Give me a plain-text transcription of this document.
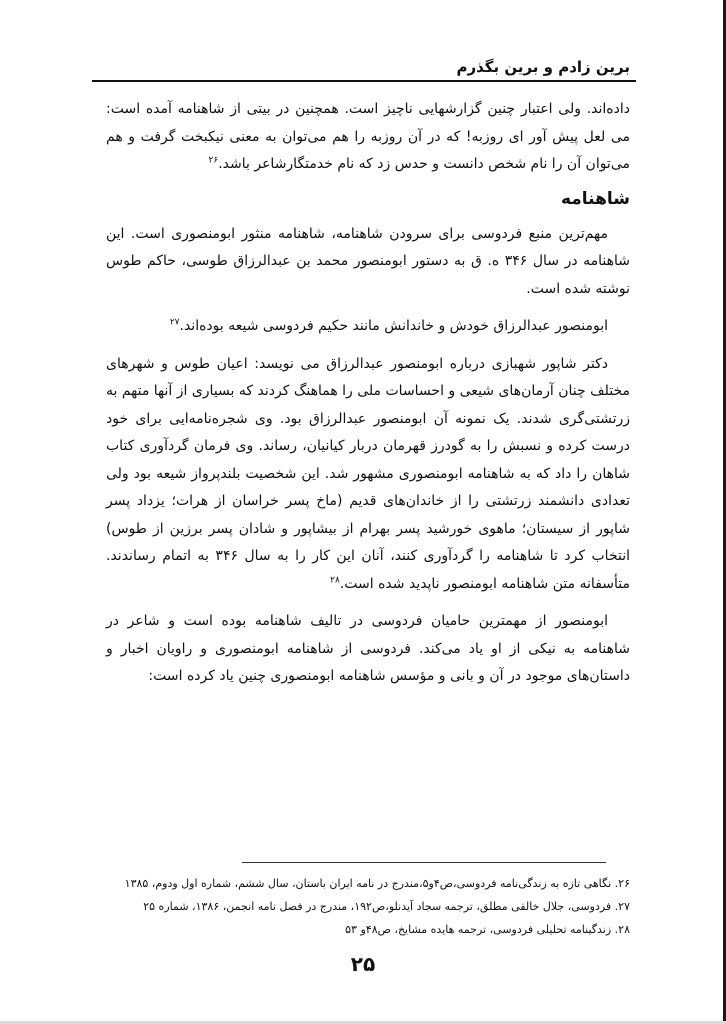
برین زادم و برین بگذرم

داده‌اند. ولی اعتبار چنین گزارشهایی ناچیز است. همچنین در بیتی از شاهنامه آمده است: می لعل پیش آور ای روزبه! که در آن روزبه را هم می‌توان به معنی نیکبخت گرفت و هم می‌توان آن را نام شخص دانست و حدس زد که نام خدمتگارشاعر باشد.$^{۲۶}$

شاهنامه

مهم‌ترین منبع فردوسی برای سرودن شاهنامه، شاهنامه منثور ابومنصوری است. این شاهنامه در سال ۳۴۶ ه. ق به دستور ابومنصور محمد بن عبدالرزاق طوسی، حاکم طوس نوشته شده است.

ابومنصور عبدالرزاق خودش و خاندانش مانند حکیم فردوسی شیعه بوده‌اند.$^{۲۷}$

دکتر شاپور شهبازی درباره ابومنصور عبدالرزاق می نویسد: اعیان طوس و شهرهای مختلف چنان آرمان‌های شیعی و احساسات ملی را هماهنگ کردند که بسیاری از آنها متهم به زرتشتی‌گری شدند. یک نمونه آن ابومنصور عبدالرزاق بود. وی شجره‌نامه‌ایی برای خود درست کرده و نسبش را به گودرز قهرمان دربار کیانیان، رساند. وی فرمان گردآوری کتاب شاهان را داد که به شاهنامه ابومنصوری مشهور شد. این شخصیت بلندپرواز شیعه بود ولی تعدادی دانشمند زرتشتی را از خاندان‌های قدیم (ماخ پسر خراسان از هرات؛ یزداد پسر شاپور از سیستان؛ ماهوی خورشید پسر بهرام از بیشاپور و شادان پسر برزین از طوس) انتخاب کرد تا شاهنامه را گردآوری کنند، آنان این کار را به سال ۳۴۶ به اتمام رساندند. متأسفانه متن شاهنامه ابومنصور ناپدید شده است.$^{۲۸}$

ابومنصور از مهمترین حامیان فردوسی در تالیف شاهنامه بوده است و شاعر در شاهنامه به نیکی از او یاد می‌کند. فردوسی از شاهنامه ابومنصوری و راویان اخبار و داستان‌های موجود در آن و بانی و مؤسس شاهنامه ابومنصوری چنین یاد کرده است:

۲۶. نگاهی تازه به زندگی‌نامه فردوسی،ص۴و۵،مندرج در نامه ایران باستان، سال ششم، شماره اول ودوم، ۱۳۸۵
۲۷. فردوسی، جلال خالقی مطلق، ترجمه سجاد آیدنلو،ص۱۹۲، مندرج در فصل نامه انجمن، ۱۳۸۶، شماره ۲۵
۲۸. زندگینامه تحلیلی فردوسی، ترجمه هایده مشایخ، ص۴۸و ۵۳
۲۵
